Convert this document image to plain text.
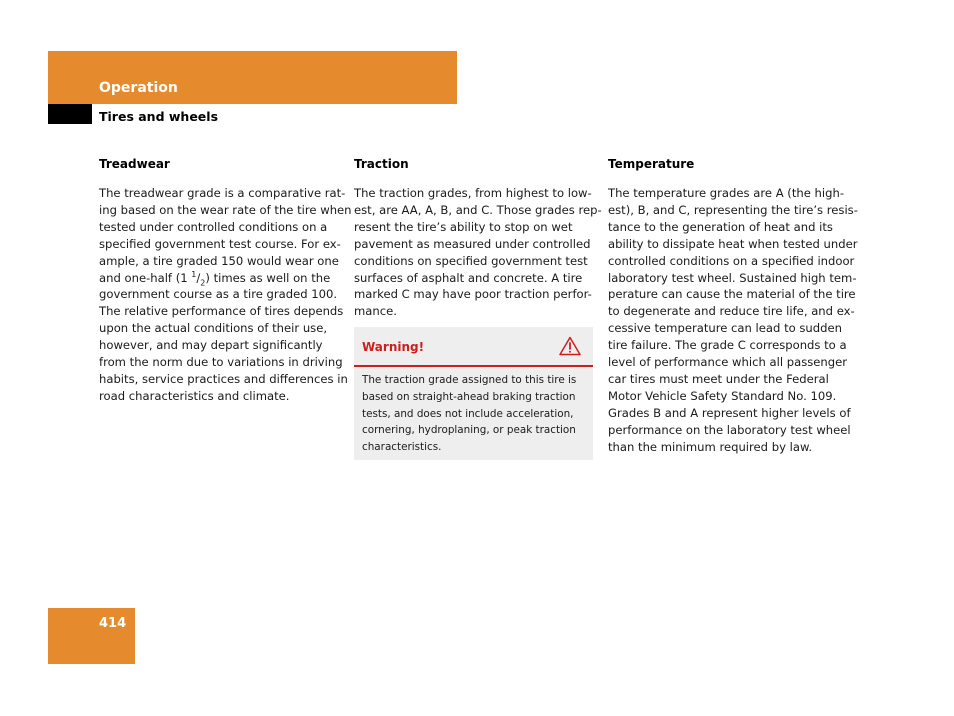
Operation
Tires and wheels
Treadwear
The treadwear grade is a comparative rat-
ing based on the wear rate of the tire when
tested under controlled conditions on a
specified government test course. For ex-
ample, a tire graded 150 would wear one
and one-half (1 $^1/_2$) times as well on the
government course as a tire graded 100.
The relative performance of tires depends
upon the actual conditions of their use,
however, and may depart significantly
from the norm due to variations in driving
habits, service practices and differences in
road characteristics and climate.
Traction
The traction grades, from highest to low-
est, are AA, A, B, and C. Those grades rep-
resent the tire’s ability to stop on wet
pavement as measured under controlled
conditions on specified government test
surfaces of asphalt and concrete. A tire
marked C may have poor traction perfor-
mance.
Warning!
The traction grade assigned to this tire is
based on straight-ahead braking traction
tests, and does not include acceleration,
cornering, hydroplaning, or peak traction
characteristics.
Temperature
The temperature grades are A (the high-
est), B, and C, representing the tire’s resis-
tance to the generation of heat and its
ability to dissipate heat when tested under
controlled conditions on a specified indoor
laboratory test wheel. Sustained high tem-
perature can cause the material of the tire
to degenerate and reduce tire life, and ex-
cessive temperature can lead to sudden
tire failure. The grade C corresponds to a
level of performance which all passenger
car tires must meet under the Federal
Motor Vehicle Safety Standard No. 109.
Grades B and A represent higher levels of
performance on the laboratory test wheel
than the minimum required by law.
414
